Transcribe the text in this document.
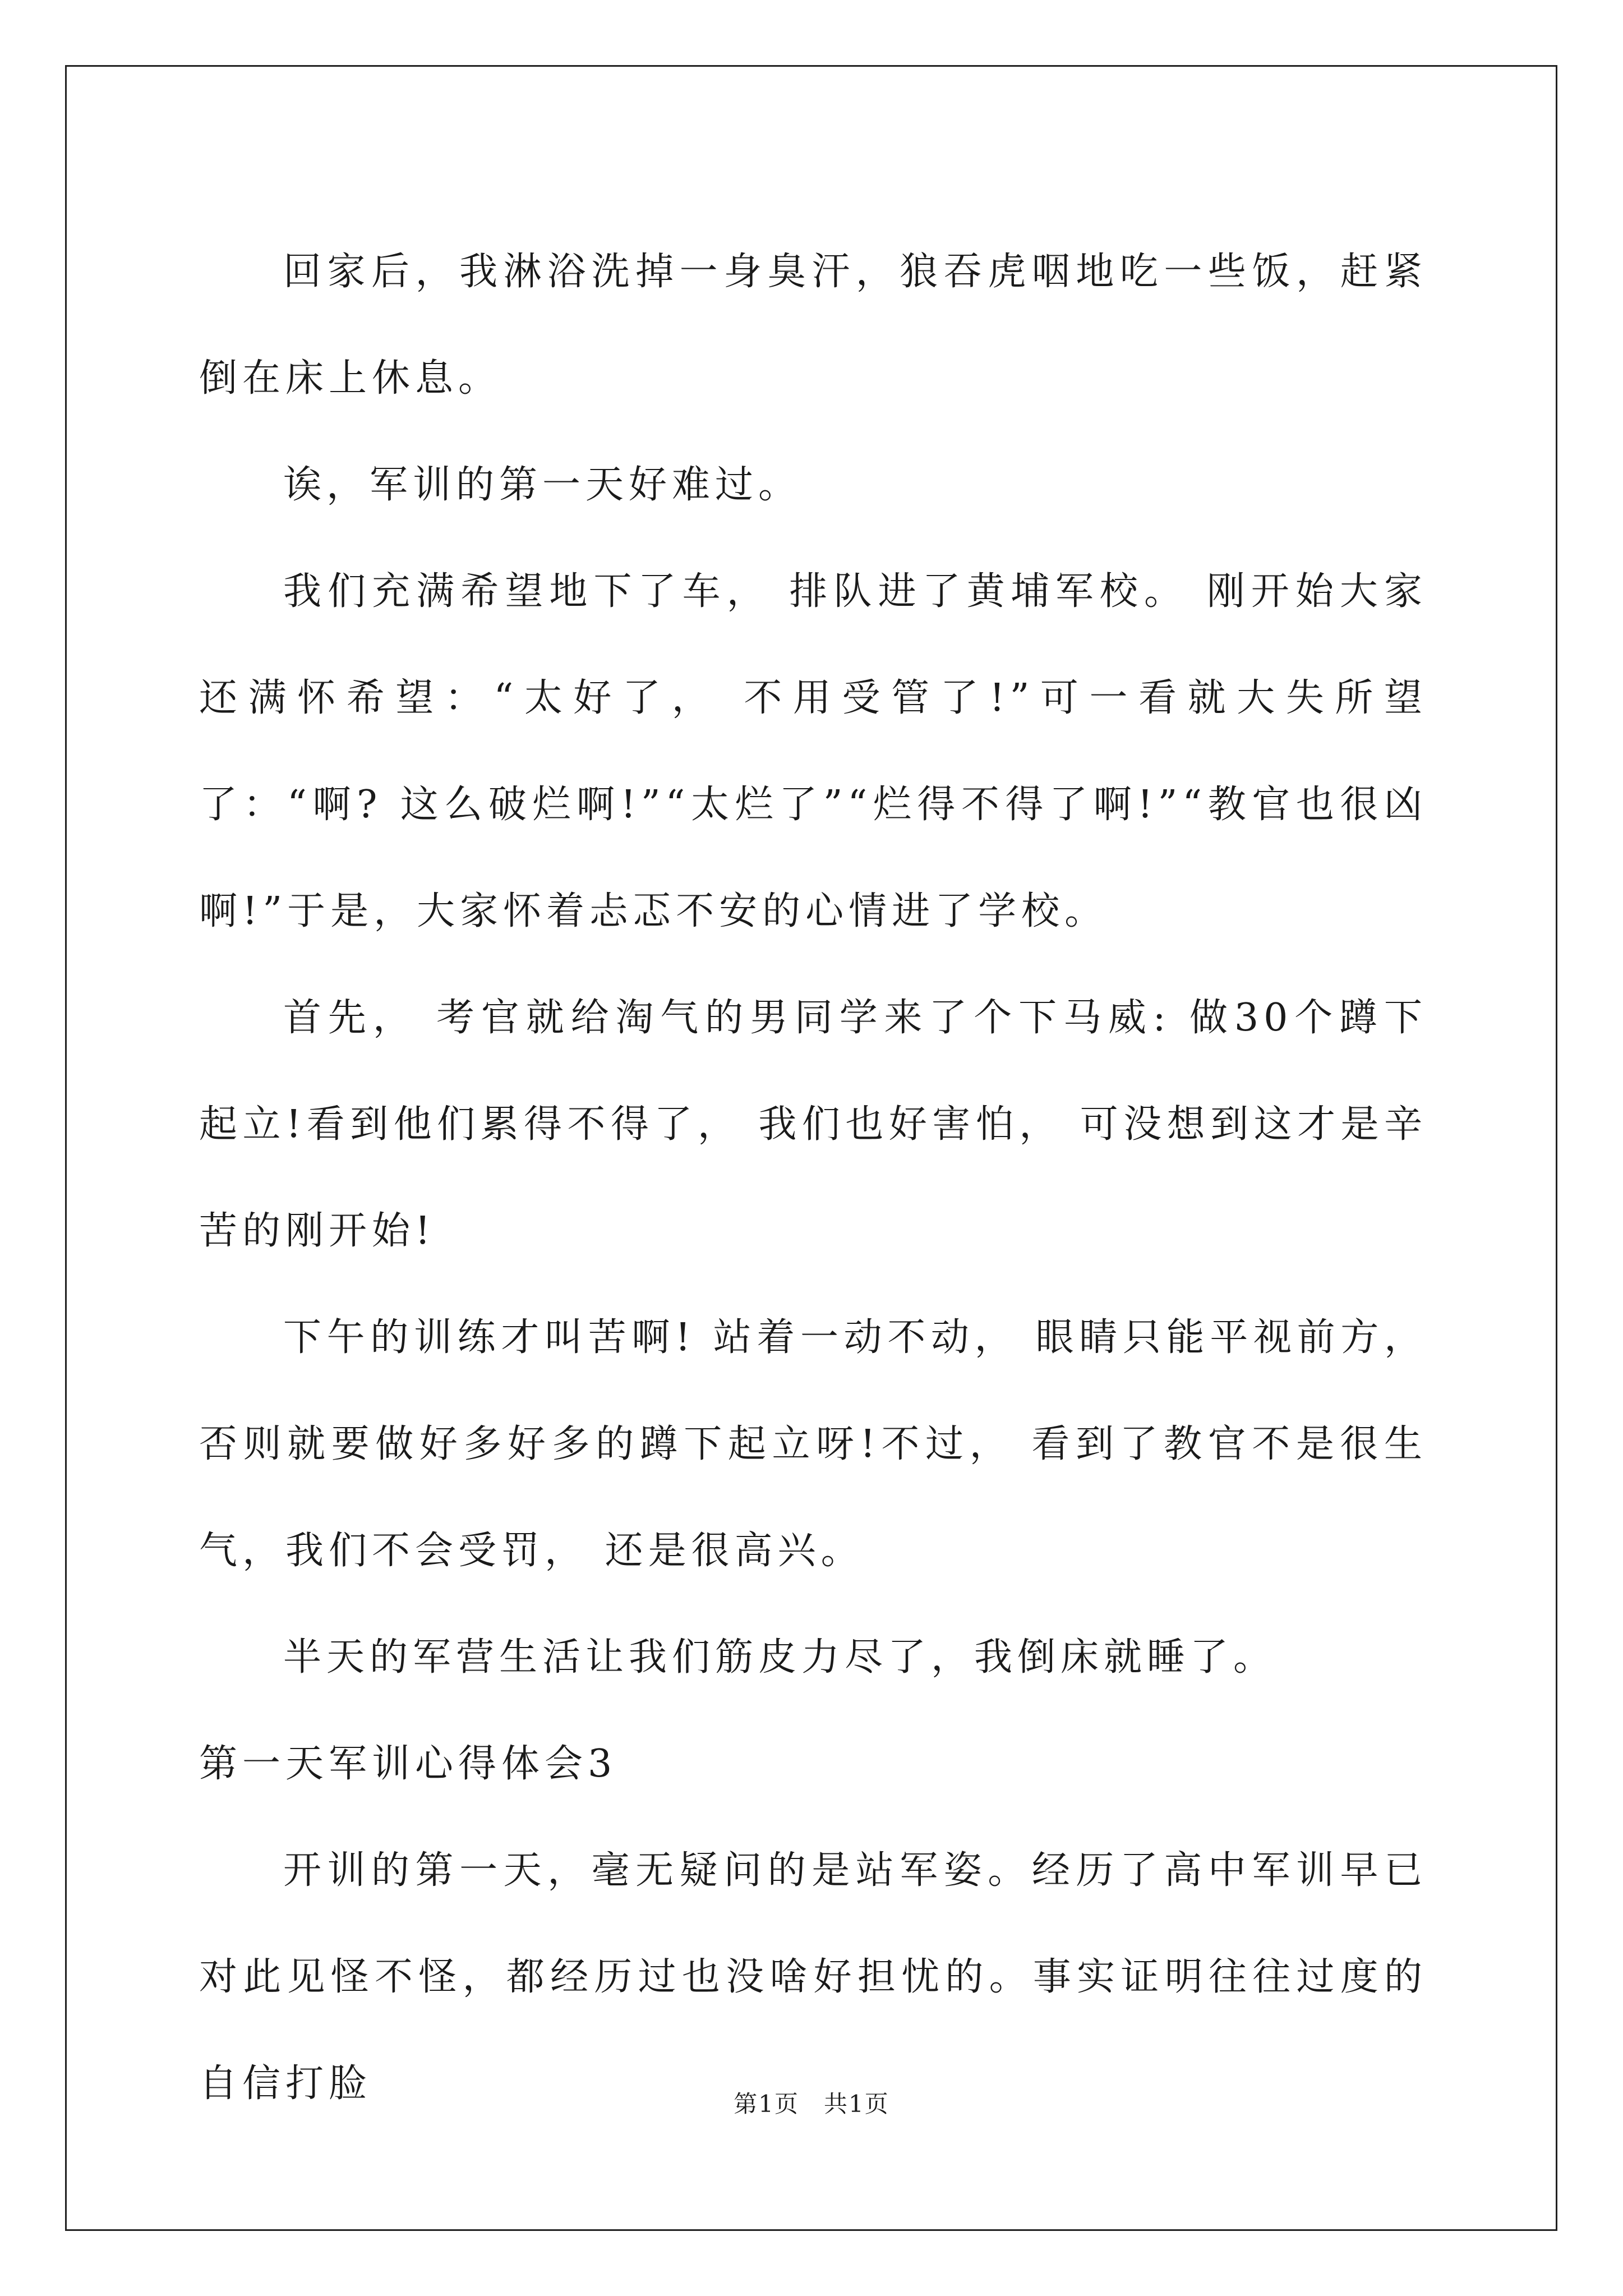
回家后，我淋浴洗掉一身臭汗，狼吞虎咽地吃一些饭，赶紧倒在床上休息。

诶，军训的第一天好难过。

我们充满希望地下了车， 排队进了黄埔军校。 刚开始大家还满怀希望：“太好了， 不用受管了!”可一看就大失所望了：“啊? 这么破烂啊!”“太烂了”“烂得不得了啊!”“教官也很凶啊!”于是，大家怀着忐忑不安的心情进了学校。

首先， 考官就给淘气的男同学来了个下马威: 做30个蹲下起立!看到他们累得不得了， 我们也好害怕， 可没想到这才是辛苦的刚开始!

下午的训练才叫苦啊! 站着一动不动， 眼睛只能平视前方， 否则就要做好多好多的蹲下起立呀!不过， 看到了教官不是很生气，我们不会受罚， 还是很高兴。

半天的军营生活让我们筋皮力尽了，我倒床就睡了。

第一天军训心得体会3

开训的第一天，毫无疑问的是站军姿。经历了高中军训早已对此见怪不怪，都经历过也没啥好担忧的。事实证明往往过度的自信打脸	第1页　共1页
